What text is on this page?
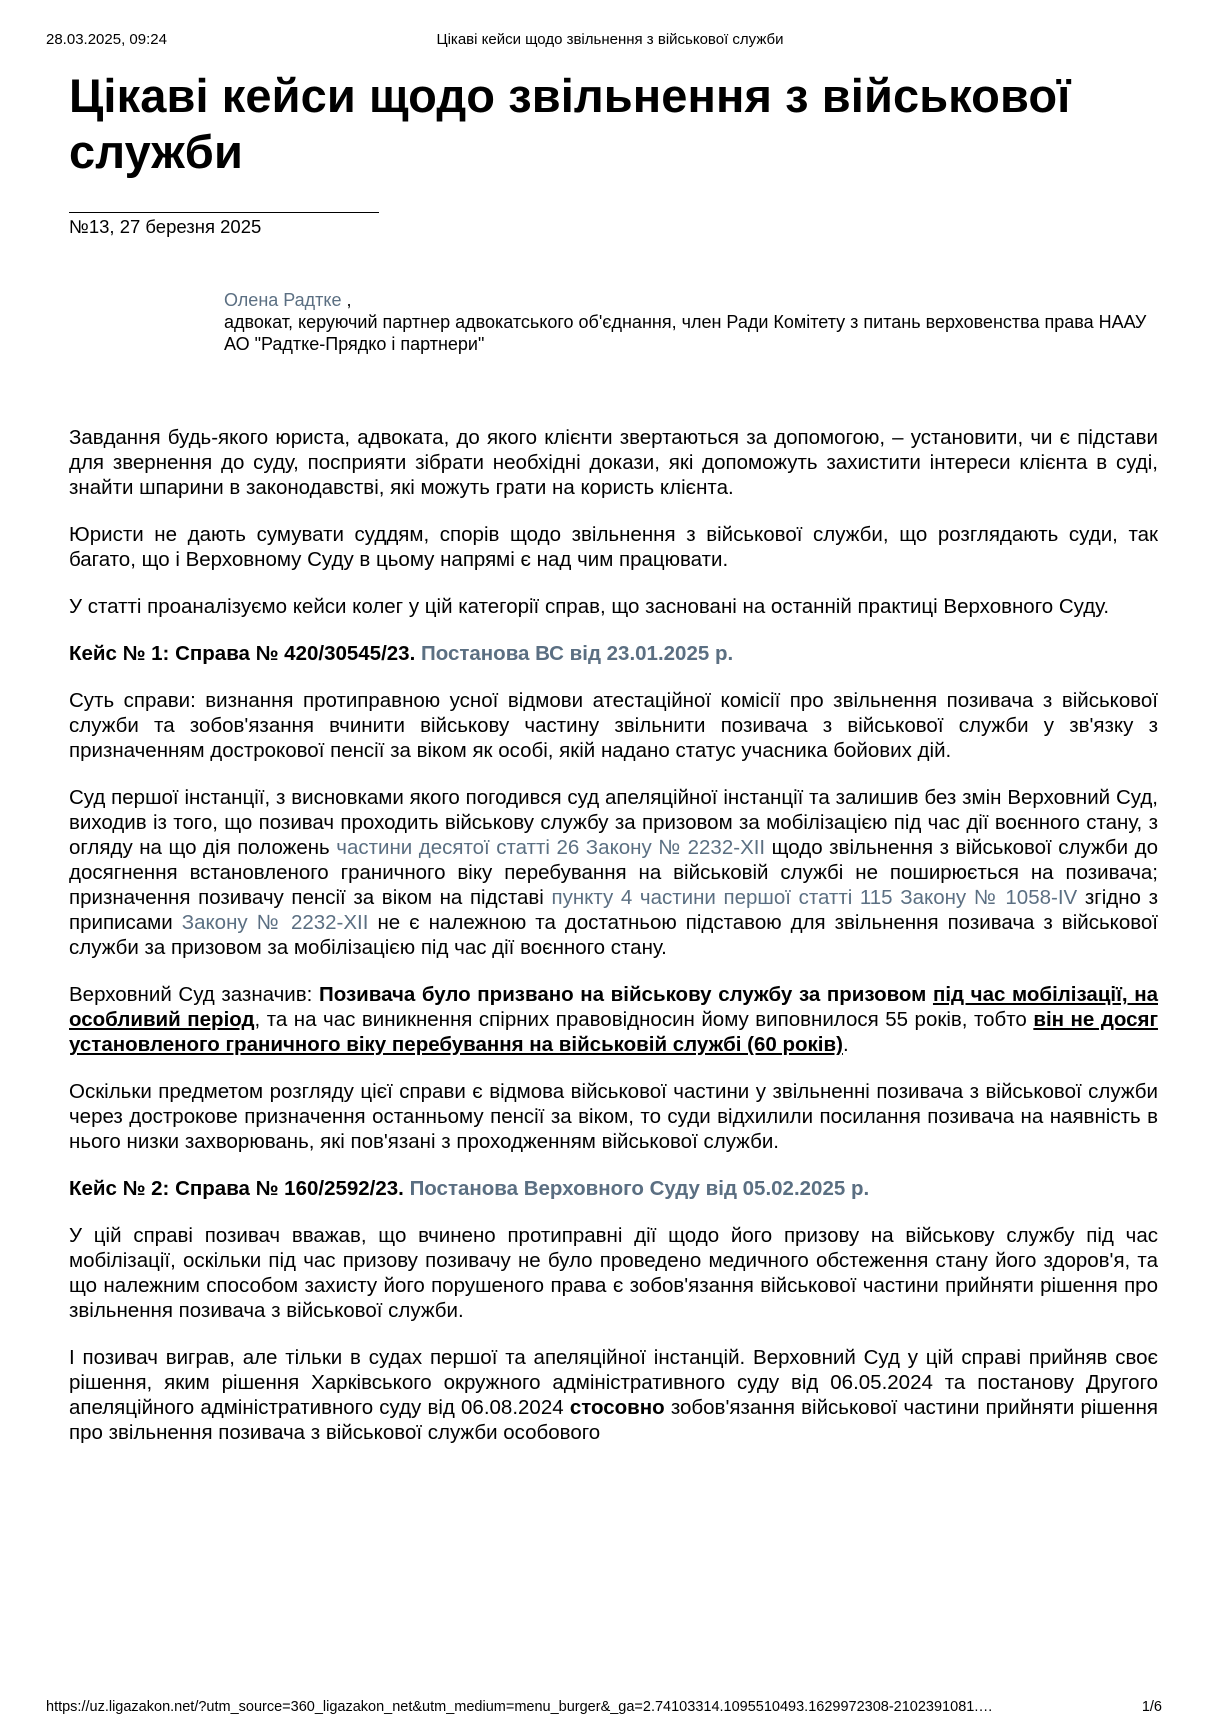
28.03.2025, 09:24	Цікаві кейси щодо звільнення з військової служби
Цікаві кейси щодо звільнення з військової служби
№13, 27 березня 2025
Олена Радтке ,
адвокат, керуючий партнер адвокатського об'єднання, член Ради Комітету з питань верховенства права НААУ
АО "Радтке-Прядко і партнери"

Завдання будь-якого юриста, адвоката, до якого клієнти звертаються за допомогою, – установити, чи є підстави для звернення до суду, посприяти зібрати необхідні докази, які допоможуть захистити інтереси клієнта в суді, знайти шпарини в законодавстві, які можуть грати на користь клієнта.

Юристи не дають сумувати суддям, спорів щодо звільнення з військової служби, що розглядають суди, так багато, що і Верховному Суду в цьому напрямі є над чим працювати.

У статті проаналізуємо кейси колег у цій категорії справ, що засновані на останній практиці Верховного Суду.

Кейс № 1: Справа № 420/30545/23. Постанова ВС від 23.01.2025 р.

Суть справи: визнання протиправною усної відмови атестаційної комісії про звільнення позивача з військової служби та зобов'язання вчинити військову частину звільнити позивача з військової служби у зв'язку з призначенням дострокової пенсії за віком як особі, якій надано статус учасника бойових дій.

Суд першої інстанції, з висновками якого погодився суд апеляційної інстанції та залишив без змін Верховний Суд, виходив із того, що позивач проходить військову службу за призовом за мобілізацією під час дії воєнного стану, з огляду на що дія положень частини десятої статті 26 Закону № 2232-XII щодо звільнення з військової служби до досягнення встановленого граничного віку перебування на військовій службі не поширюється на позивача; призначення позивачу пенсії за віком на підставі пункту 4 частини першої статті 115 Закону № 1058-IV згідно з приписами Закону № 2232-XII не є належною та достатньою підставою для звільнення позивача з військової служби за призовом за мобілізацією під час дії воєнного стану.

Верховний Суд зазначив: Позивача було призвано на військову службу за призовом під час мобілізації, на особливий період, та на час виникнення спірних правовідносин йому виповнилося 55 років, тобто він не досяг установленого граничного віку перебування на військовій службі (60 років).

Оскільки предметом розгляду цієї справи є відмова військової частини у звільненні позивача з військової служби через дострокове призначення останньому пенсії за віком, то суди відхилили посилання позивача на наявність в нього низки захворювань, які пов'язані з проходженням військової служби.

Кейс № 2: Справа № 160/2592/23. Постанова Верховного Суду від 05.02.2025 р.

У цій справі позивач вважав, що вчинено протиправні дії щодо його призову на військову службу під час мобілізації, оскільки під час призову позивачу не було проведено медичного обстеження стану його здоров'я, та що належним способом захисту його порушеного права є зобов'язання військової частини прийняти рішення про звільнення позивача з військової служби.

І позивач виграв, але тільки в судах першої та апеляційної інстанцій. Верховний Суд у цій справі прийняв своє рішення, яким рішення Харківського окружного адміністративного суду від 06.05.2024 та постанову Другого апеляційного адміністративного суду від 06.08.2024 стосовно зобов'язання військової частини прийняти рішення про звільнення позивача з військової служби особового

https://uz.ligazakon.net/?utm_source=360_ligazakon_net&utm_medium=menu_burger&_ga=2.74103314.1095510493.1629972308-2102391081.…	1/6
